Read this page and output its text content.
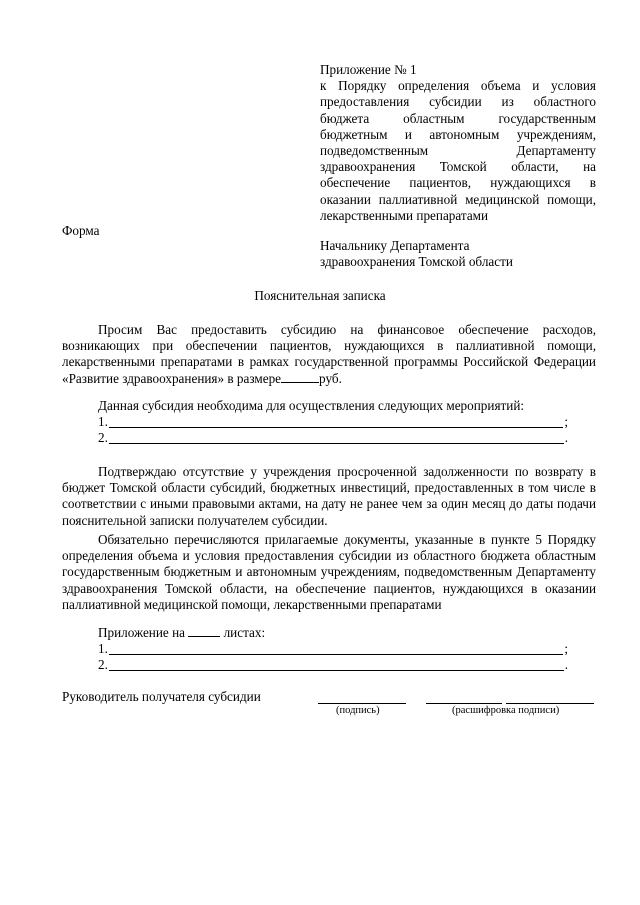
Приложение № 1
к Порядку определения объема и условия предоставления субсидии из областного бюджета областным государственным бюджетным и автономным учреждениям, подведомственным Департаменту здравоохранения Томской области, на обеспечение пациентов, нуждающихся в оказании паллиативной медицинской помощи, лекарственными препаратами
Форма
Начальнику Департамента
здравоохранения Томской области
Пояснительная записка
Просим Вас предоставить субсидию на финансовое обеспечение расходов, возникающих при обеспечении пациентов, нуждающихся в паллиативной помощи, лекарственными препаратами в рамках государственной программы Российской Федерации «Развитие здравоохранения» в размере	руб.
Данная субсидия необходима для осуществления следующих мероприятий:
1.	;
2.	.
Подтверждаю отсутствие у учреждения просроченной задолженности по возврату в бюджет Томской области субсидий, бюджетных инвестиций, предоставленных в том числе в соответствии с иными правовыми актами, на дату не ранее чем за один месяц до даты подачи пояснительной записки получателем субсидии.
Обязательно перечисляются прилагаемые документы, указанные в пункте 5 Порядку определения объема и условия предоставления субсидии из областного бюджета областным государственным бюджетным и автономным учреждениям, подведомственным Департаменту здравоохранения Томской области, на обеспечение пациентов, нуждающихся в оказании паллиативной медицинской помощи, лекарственными препаратами
Приложение на	листах:
1.	;
2.	.
Руководитель получателя субсидии
(подпись)	(расшифровка подписи)
